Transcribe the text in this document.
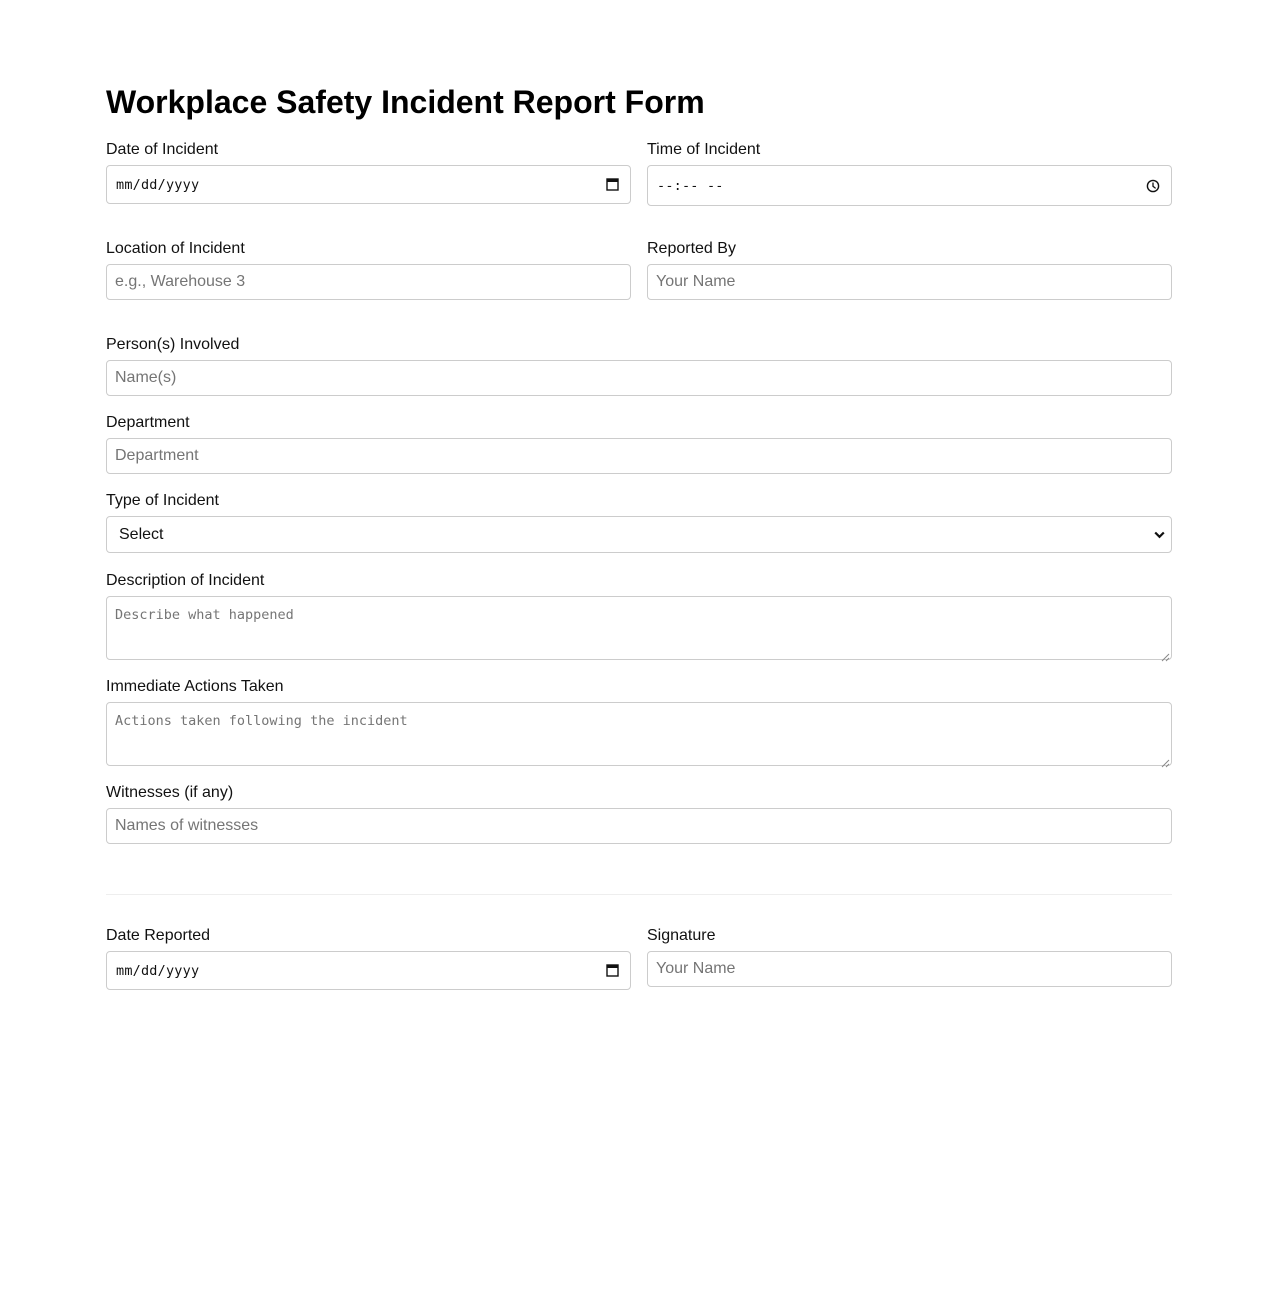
Workplace Safety Incident Report Form
Date of Incident
mm/dd/yyyy
Time of Incident
--:-- --
Location of Incident
e.g., Warehouse 3	Reported By
Your Name
Person(s) Involved
Name(s)
Department
Department
Type of Incident
Select
Description of Incident
Describe what happened
Immediate Actions Taken
Actions taken following the incident
Witnesses (if any)
Names of witnesses
Date Reported
mm/dd/yyyy
Signature
Your Name
